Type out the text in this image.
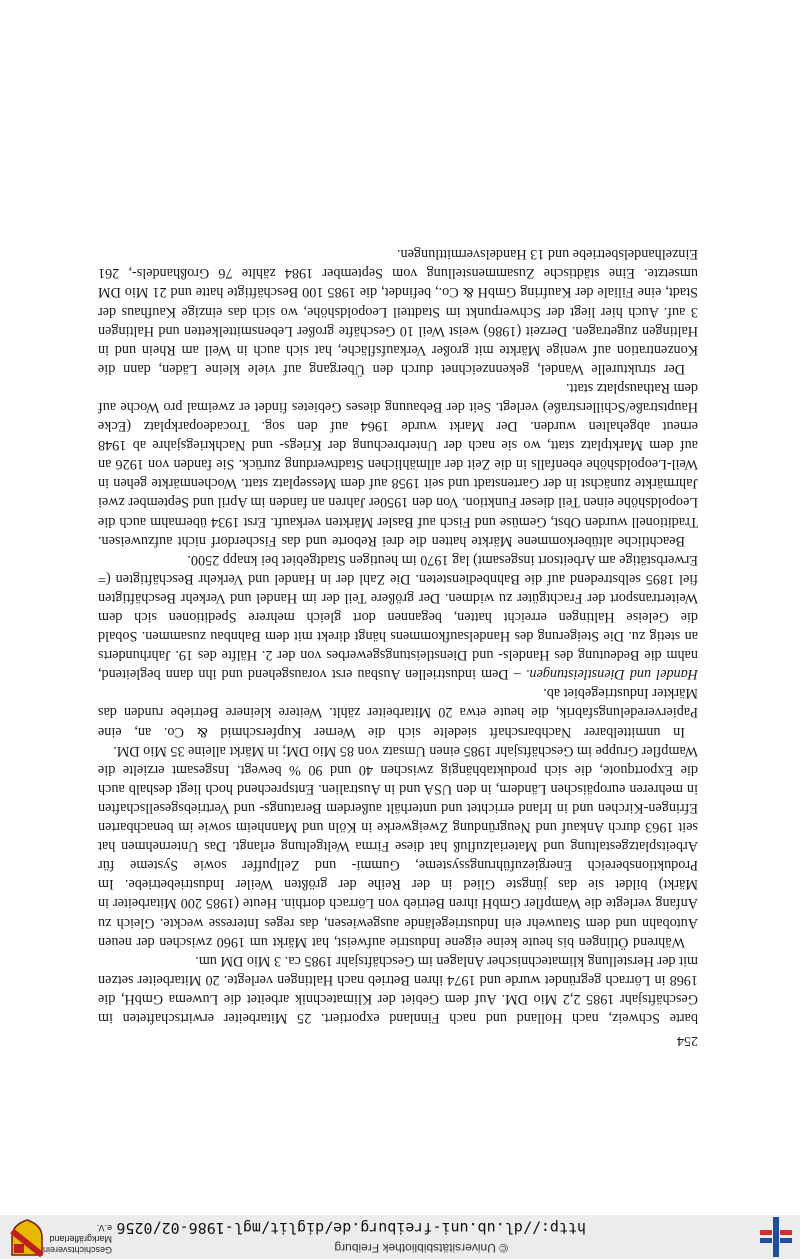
© Universitätsbibliothek Freiburg
http://dl.ub.uni-freiburg.de/diglit/mgl-1986-02/0256
Geschichtsverein
Markgräflerland e.V.
254

barte Schweiz, nach Holland und nach Finnland exportiert. 25 Mitarbeiter erwirtschafteten im Geschäftsjahr 1985 2,2 Mio DM. Auf dem Gebiet der Klimatechnik arbeitet die Luwema GmbH, die 1968 in Lörrach gegründet wurde und 1974 ihren Betrieb nach Haltingen verlegte. 20 Mitarbeiter setzen mit der Herstellung klimatechnischer Anlagen im Geschäftsjahr 1985 ca. 3 Mio DM um.

Während Ötlingen bis heute keine eigene Industrie aufweist, hat Märkt um 1960 zwischen der neuen Autobahn und dem Stauwehr ein Industriegelände ausgewiesen, das reges Interesse weckte. Gleich zu Anfang verlegte die Wampfler GmbH ihren Betrieb von Lörrach dorthin. Heute (1985 200 Mitarbeiter in Märkt) bildet sie das jüngste Glied in der Reihe der größten Weiler Industriebetriebe. Im Produktionsbereich Energiezuführungssysteme, Gummi- und Zellpuffer sowie Systeme für Arbeitsplatzgestaltung und Materialzufluß hat diese Firma Weltgeltung erlangt. Das Unternehmen hat seit 1963 durch Ankauf und Neugründung Zweigwerke in Köln und Mannheim sowie im benachbarten Efringen-Kirchen und in Irland errichtet und unterhält außerdem Beratungs- und Vertriebsgesellschaften in mehreren europäischen Ländern, in den USA und in Australien. Entsprechend hoch liegt deshalb auch die Exportquote, die sich produktabhängig zwischen 40 und 90 % bewegt. Insgesamt erzielte die Wampfler Gruppe im Geschäftsjahr 1985 einen Umsatz von 85 Mio DM; in Märkt alleine 35 Mio DM.

In unmittelbarer Nachbarschaft siedelte sich die Werner Kupferschmid & Co. an, eine Papierveredelungsfabrik, die heute etwa 20 Mitarbeiter zählt. Weitere kleinere Betriebe runden das Märkter Industriegebiet ab.

Handel und Dienstleistungen. – Dem industriellen Ausbau erst vorausgehend und ihn dann begleitend, nahm die Bedeutung des Handels- und Dienstleistungsgewerbes von der 2. Hälfte des 19. Jahrhunderts an stetig zu. Die Steigerung des Handelsaufkommens hängt direkt mit dem Bahnbau zusammen. Sobald die Geleise Haltingen erreicht hatten, begannen dort gleich mehrere Speditionen sich dem Weitertransport der Frachtgüter zu widmen. Der größere Teil der im Handel und Verkehr Beschäftigten fiel 1895 selbstredend auf die Bahnbediensteten. Die Zahl der in Handel und Verkehr Beschäftigten (= Erwerbstätige am Arbeitsort insgesamt) lag 1970 im heutigen Stadtgebiet bei knapp 2500.

Beachtliche altüberkommene Märkte hatten die drei Reborte und das Fischerdorf nicht aufzuweisen. Traditionell wurden Obst, Gemüse und Fisch auf Basler Märkten verkauft. Erst 1934 übernahm auch die Leopoldshöhe einen Teil dieser Funktion. Von den 1950er Jahren an fanden im April und September zwei Jahrmärkte zunächst in der Gartenstadt und seit 1958 auf dem Messeplatz statt. Wochenmärkte gehen in Weil-Leopoldshöhe ebenfalls in die Zeit der allmählichen Stadtwerdung zurück. Sie fanden von 1926 an auf dem Marktplatz statt, wo sie nach der Unterbrechung der Kriegs- und Nachkriegsjahre ab 1948 erneut abgehalten wurden. Der Markt wurde 1964 auf den sog. Trocadeoparkplatz (Ecke Hauptstraße/Schillerstraße) verlegt. Seit der Bebauung dieses Gebietes findet er zweimal pro Woche auf dem Rathausplatz statt.

Der strukturelle Wandel, gekennzeichnet durch den Übergang auf viele kleine Läden, dann die Konzentration auf wenige Märkte mit großer Verkaufsfläche, hat sich auch in Weil am Rhein und in Haltingen zugetragen. Derzeit (1986) weist Weil 10 Geschäfte großer Lebensmittelketten und Haltingen 3 auf. Auch hier liegt der Schwerpunkt im Stadtteil Leopoldshöhe, wo sich das einzige Kaufhaus der Stadt, eine Filiale der Kaufring GmbH & Co., befindet, die 1985 100 Beschäftigte hatte und 21 Mio DM umsetzte. Eine städtische Zusammenstellung vom September 1984 zählte 76 Großhandels-, 261 Einzelhandelsbetriebe und 13 Handelsvermittlungen.
